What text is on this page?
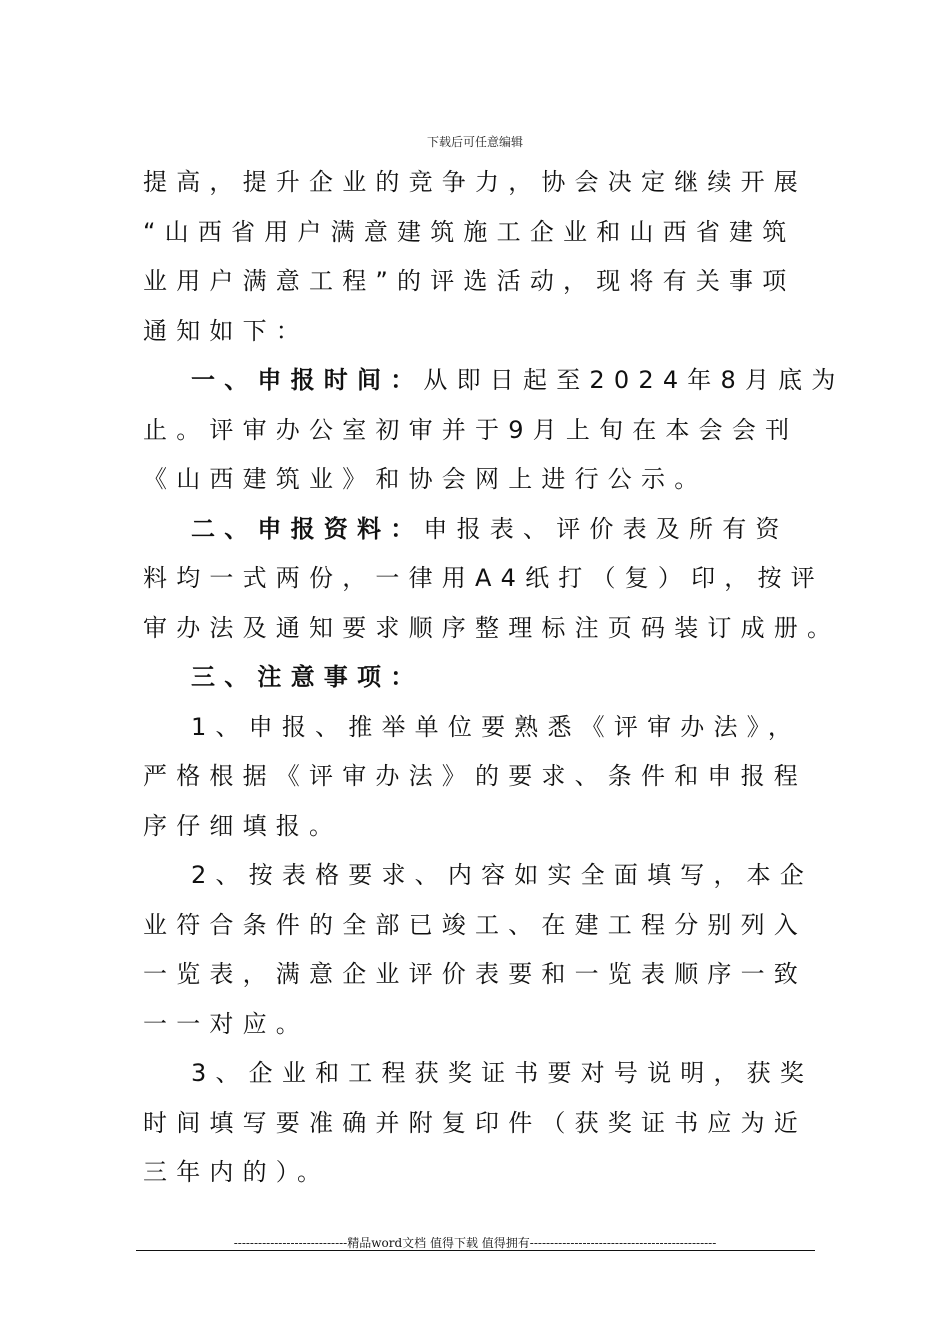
下载后可任意编辑
提高，提升企业的竞争力，协会决定继续开展
“山西省用户满意建筑施工企业和山西省建筑
业用户满意工程”的评选活动，现将有关事项
通知如下：
一、申报时间：从即日起至2024年8月底为
止。评审办公室初审并于9月上旬在本会会刊
《山西建筑业》和协会网上进行公示。
二、申报资料：申报表、评价表及所有资
料均一式两份，一律用A4纸打（复）印，按评
审办法及通知要求顺序整理标注页码装订成册。
三、注意事项：
1、申报、推举单位要熟悉《评审办法》，
严格根据《评审办法》的要求、条件和申报程
序仔细填报。
2、按表格要求、内容如实全面填写，本企
业符合条件的全部已竣工、在建工程分别列入
一览表，满意企业评价表要和一览表顺序一致
一一对应。
3、企业和工程获奖证书要对号说明，获奖
时间填写要准确并附复印件（获奖证书应为近
三年内的）。
----------------------------精品word文档 值得下载 值得拥有----------------------------------------------
